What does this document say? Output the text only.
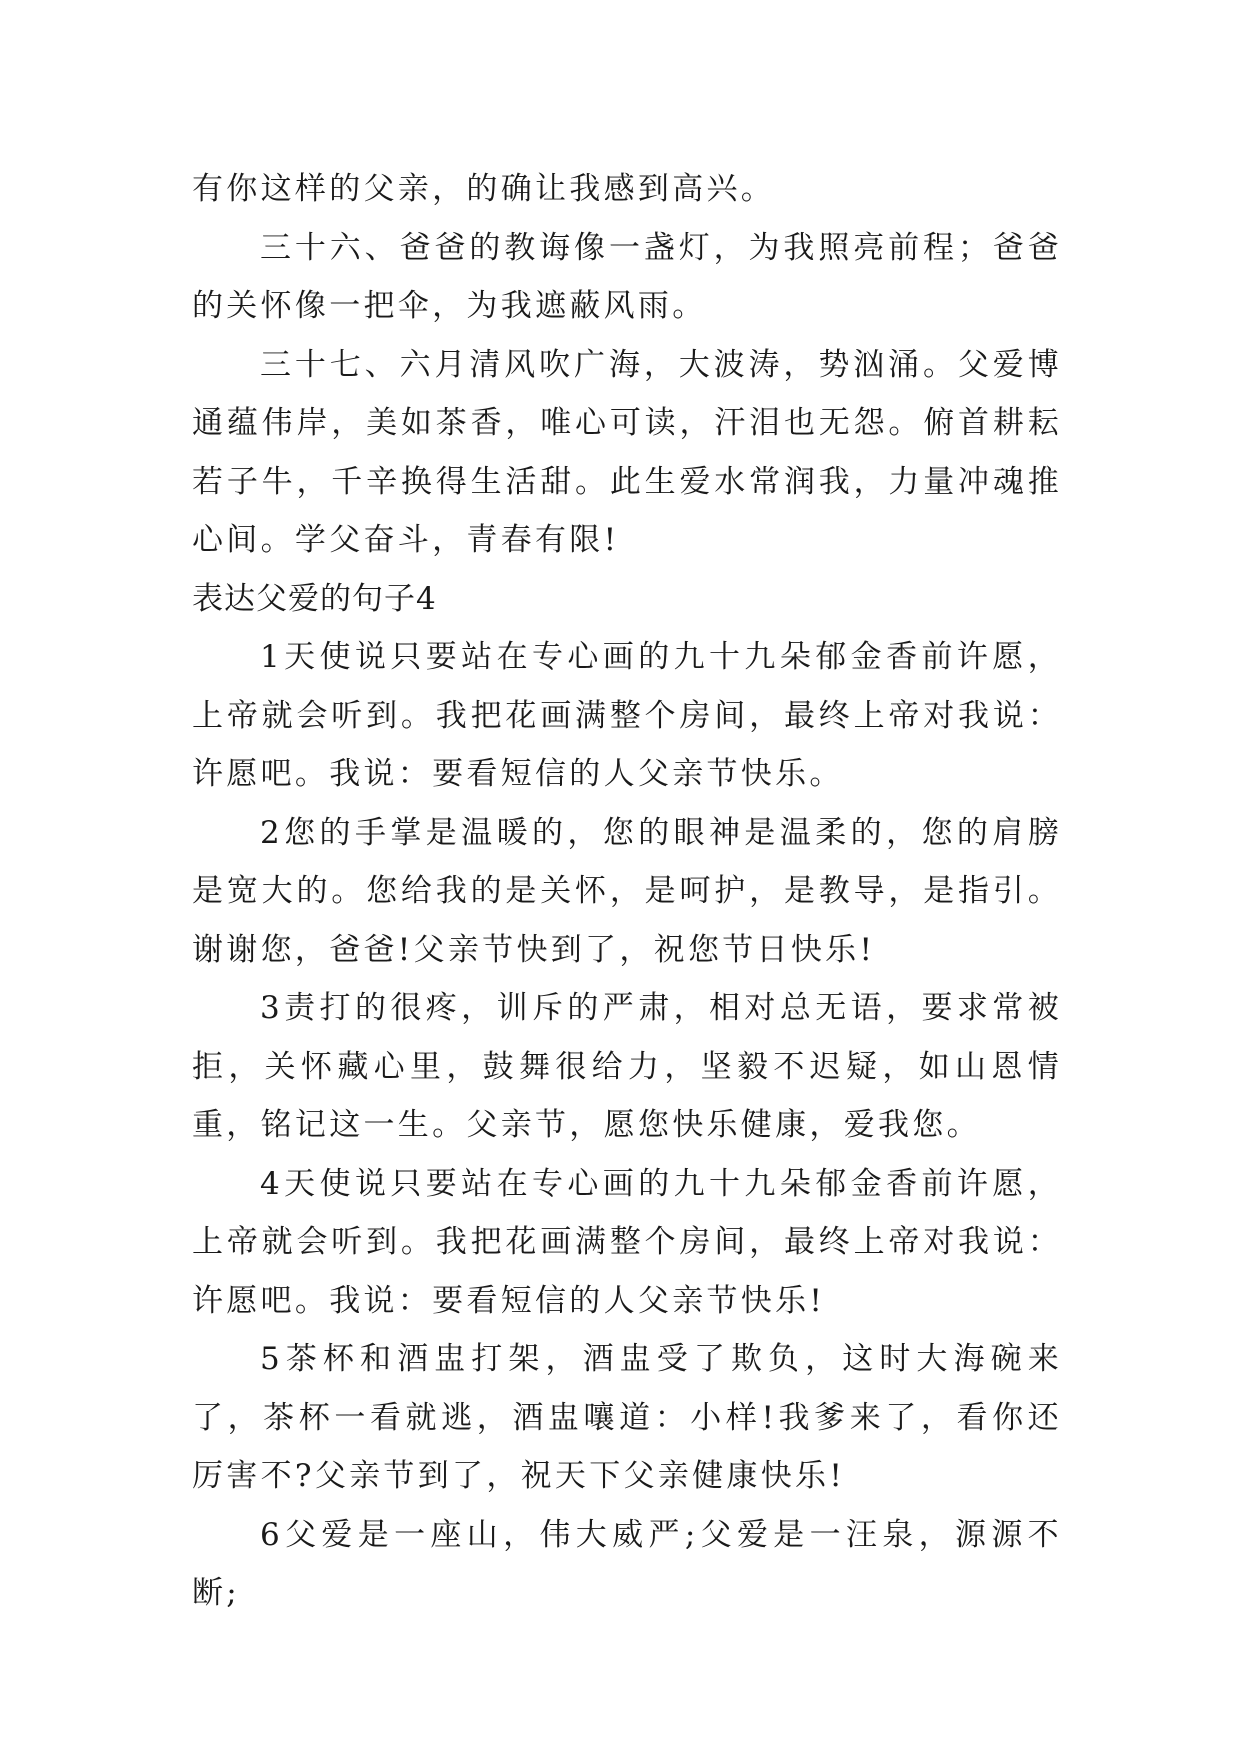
有你这样的父亲，的确让我感到高兴。

三十六、爸爸的教诲像一盏灯，为我照亮前程；爸爸的关怀像一把伞，为我遮蔽风雨。

三十七、六月清风吹广海，大波涛，势汹涌。父爱博通蕴伟岸，美如茶香，唯心可读，汗泪也无怨。俯首耕耘若子牛，千辛换得生活甜。此生爱水常润我，力量冲魂推心间。学父奋斗，青春有限!

表达父爱的句子4

1天使说只要站在专心画的九十九朵郁金香前许愿，上帝就会听到。我把花画满整个房间，最终上帝对我说：许愿吧。我说：要看短信的人父亲节快乐。

2您的手掌是温暖的，您的眼神是温柔的，您的肩膀是宽大的。您给我的是关怀，是呵护，是教导，是指引。谢谢您，爸爸!父亲节快到了，祝您节日快乐!

3责打的很疼，训斥的严肃，相对总无语，要求常被拒，关怀藏心里，鼓舞很给力，坚毅不迟疑，如山恩情重，铭记这一生。父亲节，愿您快乐健康，爱我您。

4天使说只要站在专心画的九十九朵郁金香前许愿，上帝就会听到。我把花画满整个房间，最终上帝对我说：许愿吧。我说：要看短信的人父亲节快乐!

5茶杯和酒盅打架，酒盅受了欺负，这时大海碗来了，茶杯一看就逃，酒盅嚷道：小样!我爹来了，看你还厉害不?父亲节到了，祝天下父亲健康快乐!

6父爱是一座山，伟大威严;父爱是一汪泉，源源不断;
